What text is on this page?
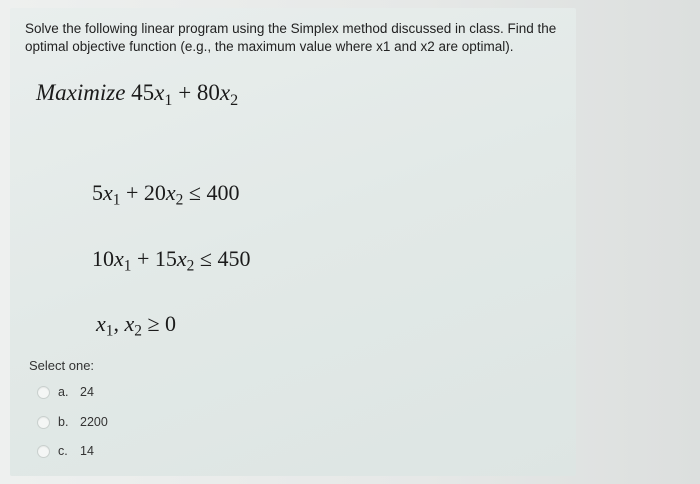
Solve the following linear program using the Simplex method discussed in class. Find the optimal objective function (e.g., the maximum value where x1 and x2 are optimal).
Maximize $45x_1 + 80x_2$
$5x_1 + 20x_2 \le 400$
$10x_1 + 15x_2 \le 450$
$x_1$, $x_2 \ge 0$
Select one:
a. 24
b. 2200
c. 14
